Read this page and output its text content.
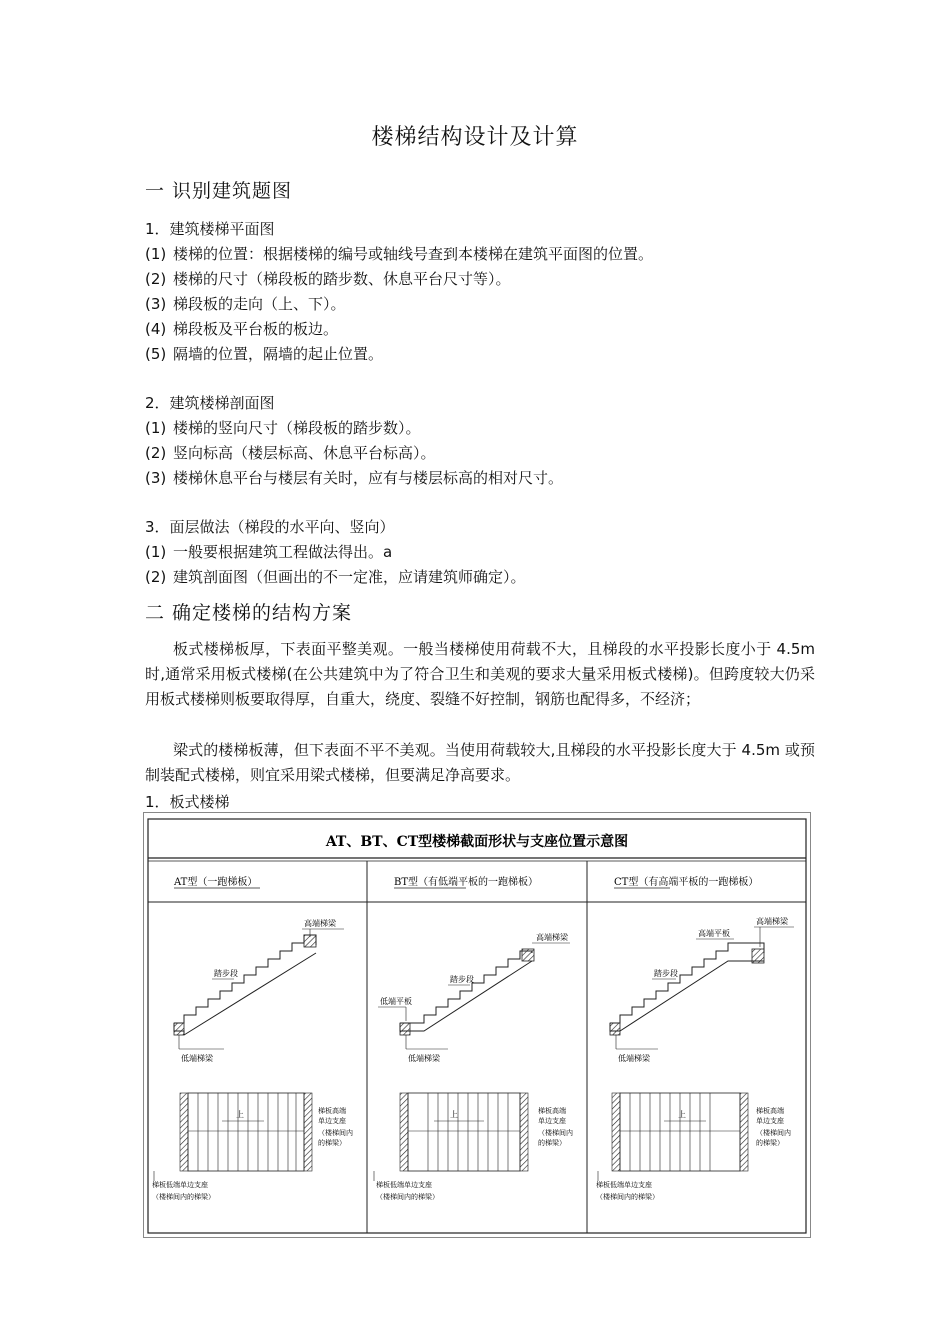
楼梯结构设计及计算
一 识别建筑题图
1．建筑楼梯平面图
(1) 楼梯的位置：根据楼梯的编号或轴线号查到本楼梯在建筑平面图的位置。
(2) 楼梯的尺寸（梯段板的踏步数、休息平台尺寸等）。
(3) 梯段板的走向（上、下）。
(4) 梯段板及平台板的板边。
(5) 隔墙的位置，隔墙的起止位置。
2．建筑楼梯剖面图
(1) 楼梯的竖向尺寸（梯段板的踏步数）。
(2) 竖向标高（楼层标高、休息平台标高）。
(3) 楼梯休息平台与楼层有关时，应有与楼层标高的相对尺寸。
3．面层做法（梯段的水平向、竖向）
(1) 一般要根据建筑工程做法得出。a
(2) 建筑剖面图（但画出的不一定准，应请建筑师确定）。
二 确定楼梯的结构方案
板式楼梯板厚，下表面平整美观。一般当楼梯使用荷载不大，且梯段的水平投影长度小于 4.5m 时,通常采用板式楼梯(在公共建筑中为了符合卫生和美观的要求大量采用板式楼梯)。但跨度较大仍采用板式楼梯则板要取得厚，自重大，绕度、裂缝不好控制，钢筋也配得多，不经济；
梁式的楼梯板薄，但下表面不平不美观。当使用荷载较大,且梯段的水平投影长度大于 4.5m 或预制装配式楼梯，则宜采用梁式楼梯，但要满足净高要求。
1．板式楼梯
AT、BT、CT型楼梯截面形状与支座位置示意图
AT型（一跑梯板）
高端梯梁
踏步段
低端梯梁
上	梯板高端
单边支座
（楼梯间内
的梯梁）
梯板低端单边支座
（楼梯间内的梯梁）
BT型（有低端平板的一跑梯板）
高端梯梁
踏步段
低端平板
低端梯梁
上	梯板高端
单边支座
（楼梯间内
的梯梁）
梯板低端单边支座
（楼梯间内的梯梁）
CT型（有高端平板的一跑梯板）
高端梯梁
高端平板
踏步段
低端梯梁
上	梯板高端
单边支座
（楼梯间内
的梯梁）
梯板低端单边支座
（楼梯间内的梯梁）
